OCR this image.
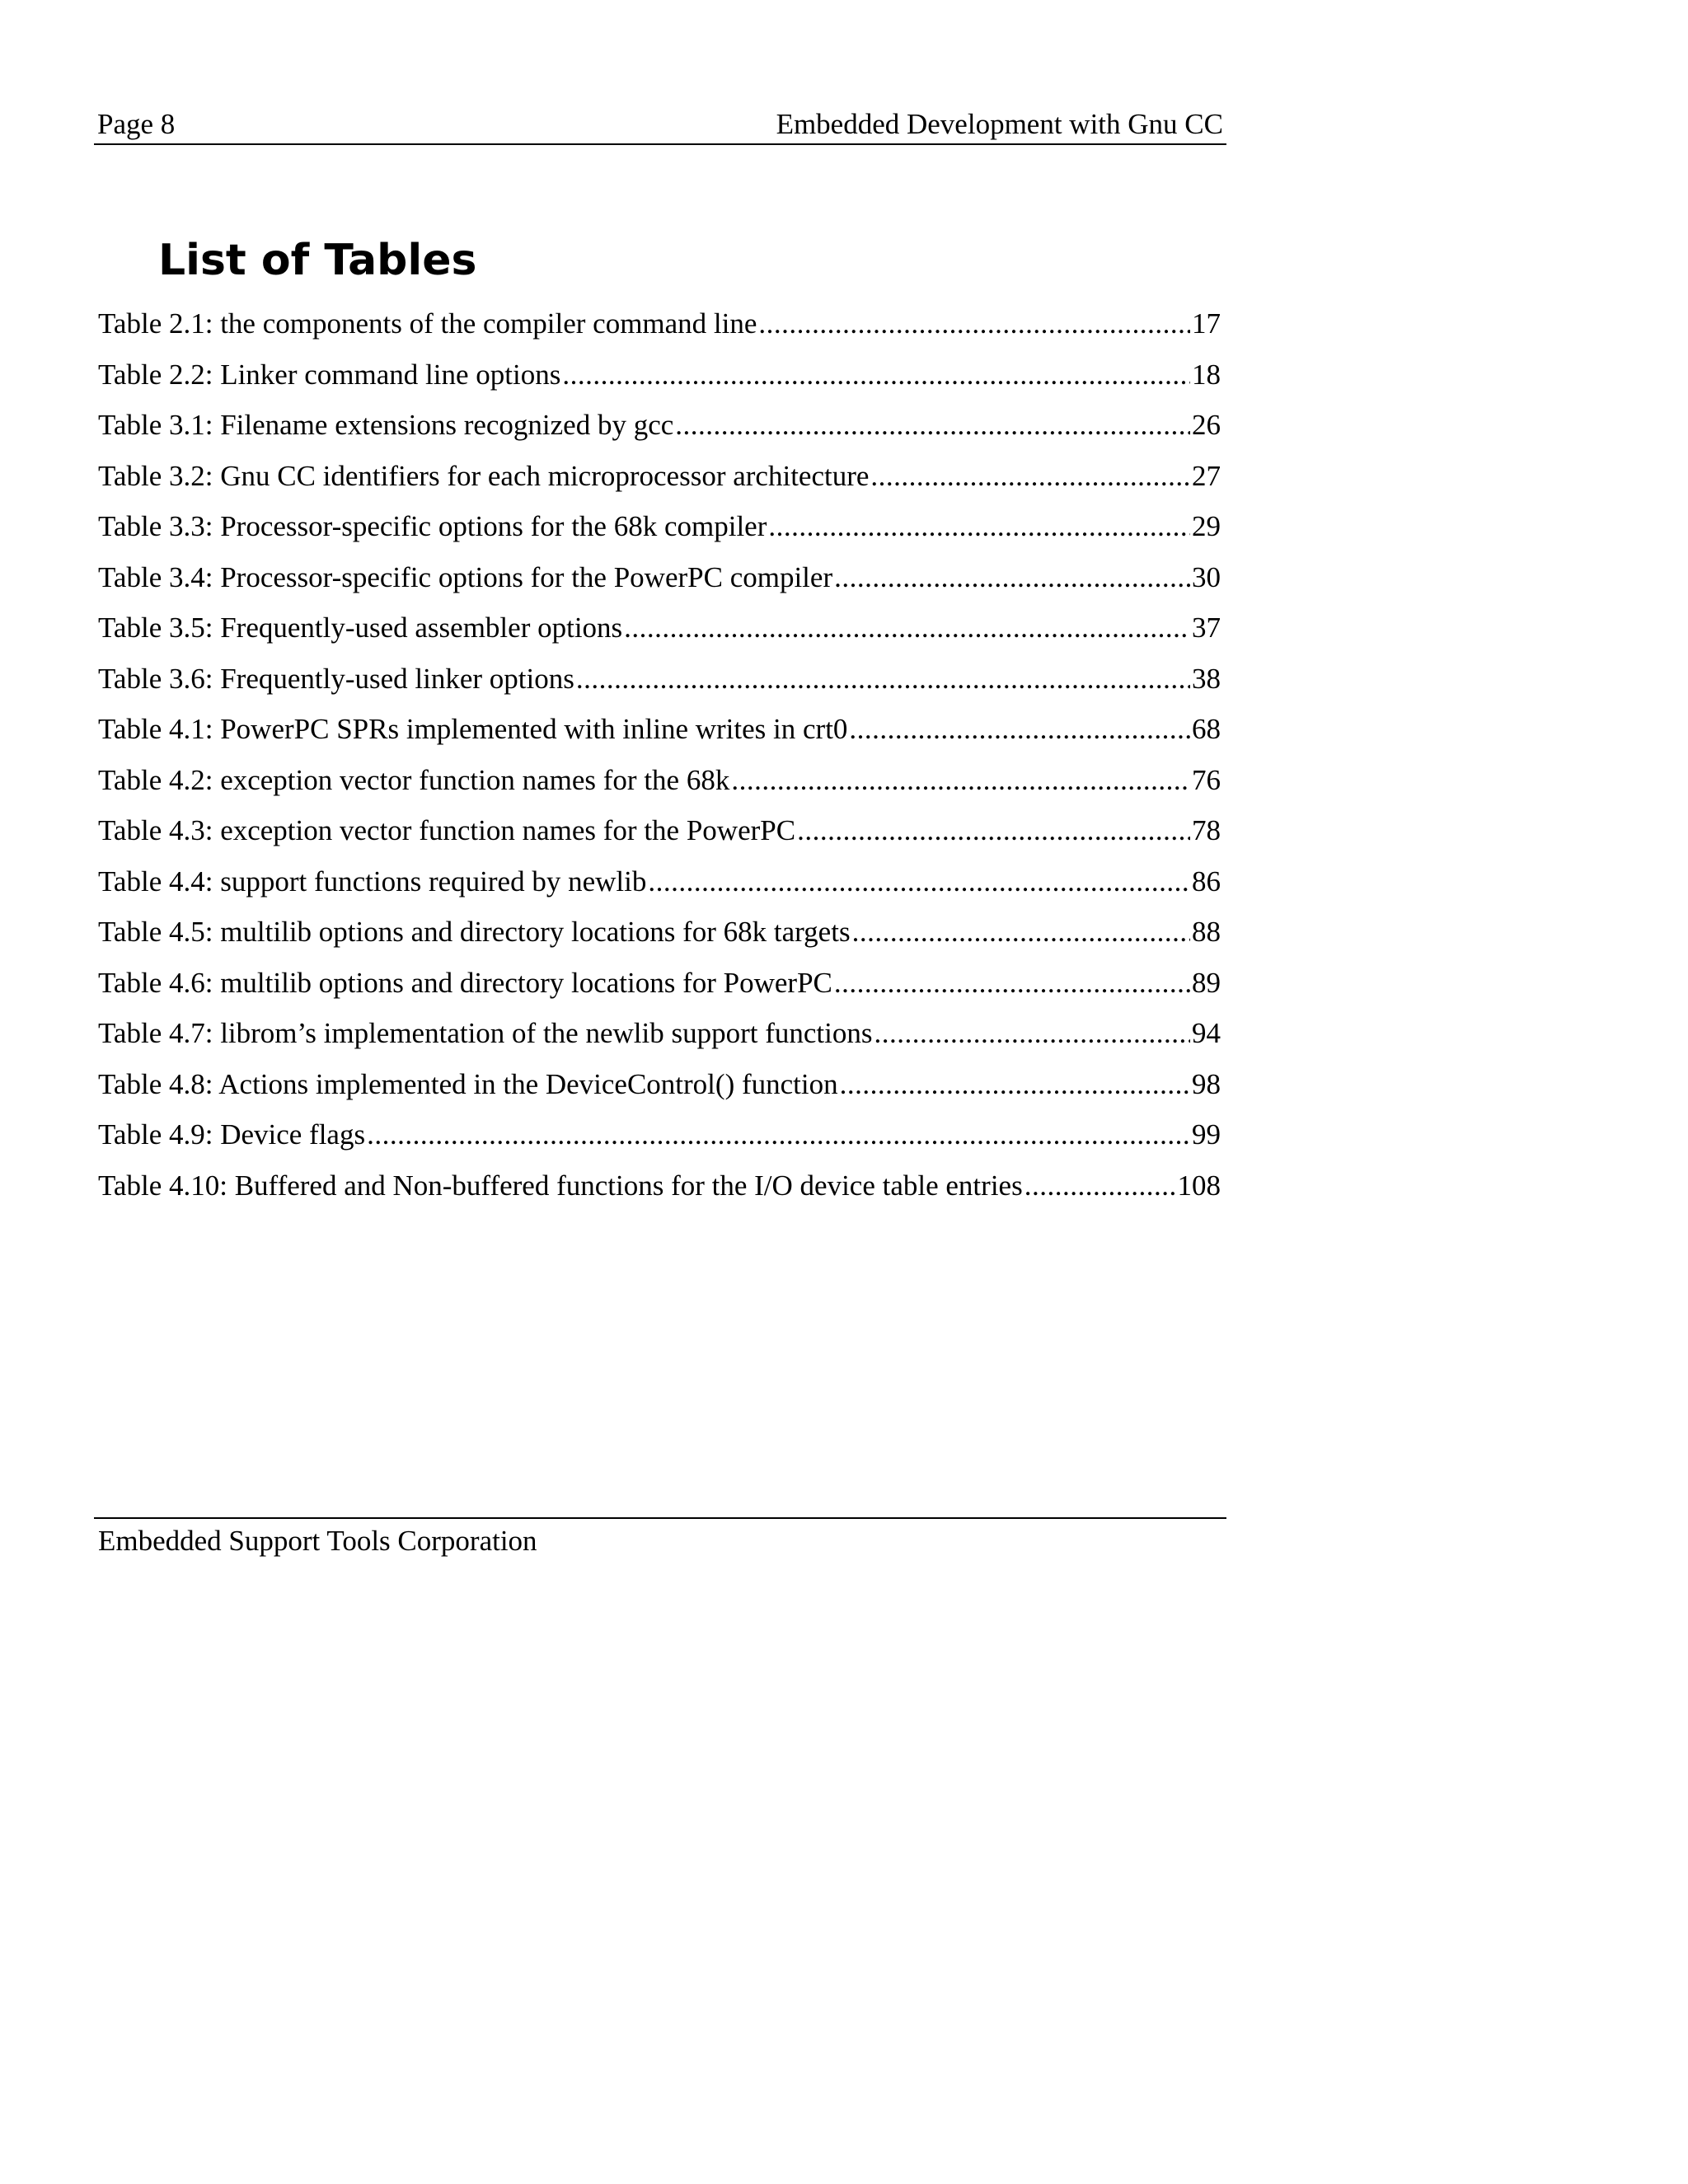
Page 8	Embedded Development with Gnu CC
List of Tables
Table 2.1: the components of the compiler command line .....	17
Table 2.2: Linker command line options .....	18
Table 3.1: Filename extensions recognized by gcc .....	26
Table 3.2: Gnu CC identifiers for each microprocessor architecture .....	27
Table 3.3: Processor-specific options for the 68k compiler .....	29
Table 3.4: Processor-specific options for the PowerPC compiler .....	30
Table 3.5: Frequently-used assembler options .....	37
Table 3.6: Frequently-used linker options .....	38
Table 4.1: PowerPC SPRs implemented with inline writes in crt0 .....	68
Table 4.2: exception vector function names for the 68k .....	76
Table 4.3: exception vector function names for the PowerPC .....	78
Table 4.4: support functions required by newlib .....	86
Table 4.5: multilib options and directory locations for 68k targets .....	88
Table 4.6: multilib options and directory locations for PowerPC .....	89
Table 4.7: librom’s implementation of the newlib support functions .....	94
Table 4.8: Actions implemented in the DeviceControl() function .....	98
Table 4.9: Device flags .....	99
Table 4.10: Buffered and Non-buffered functions for the I/O device table entries .....	108
Embedded Support Tools Corporation
